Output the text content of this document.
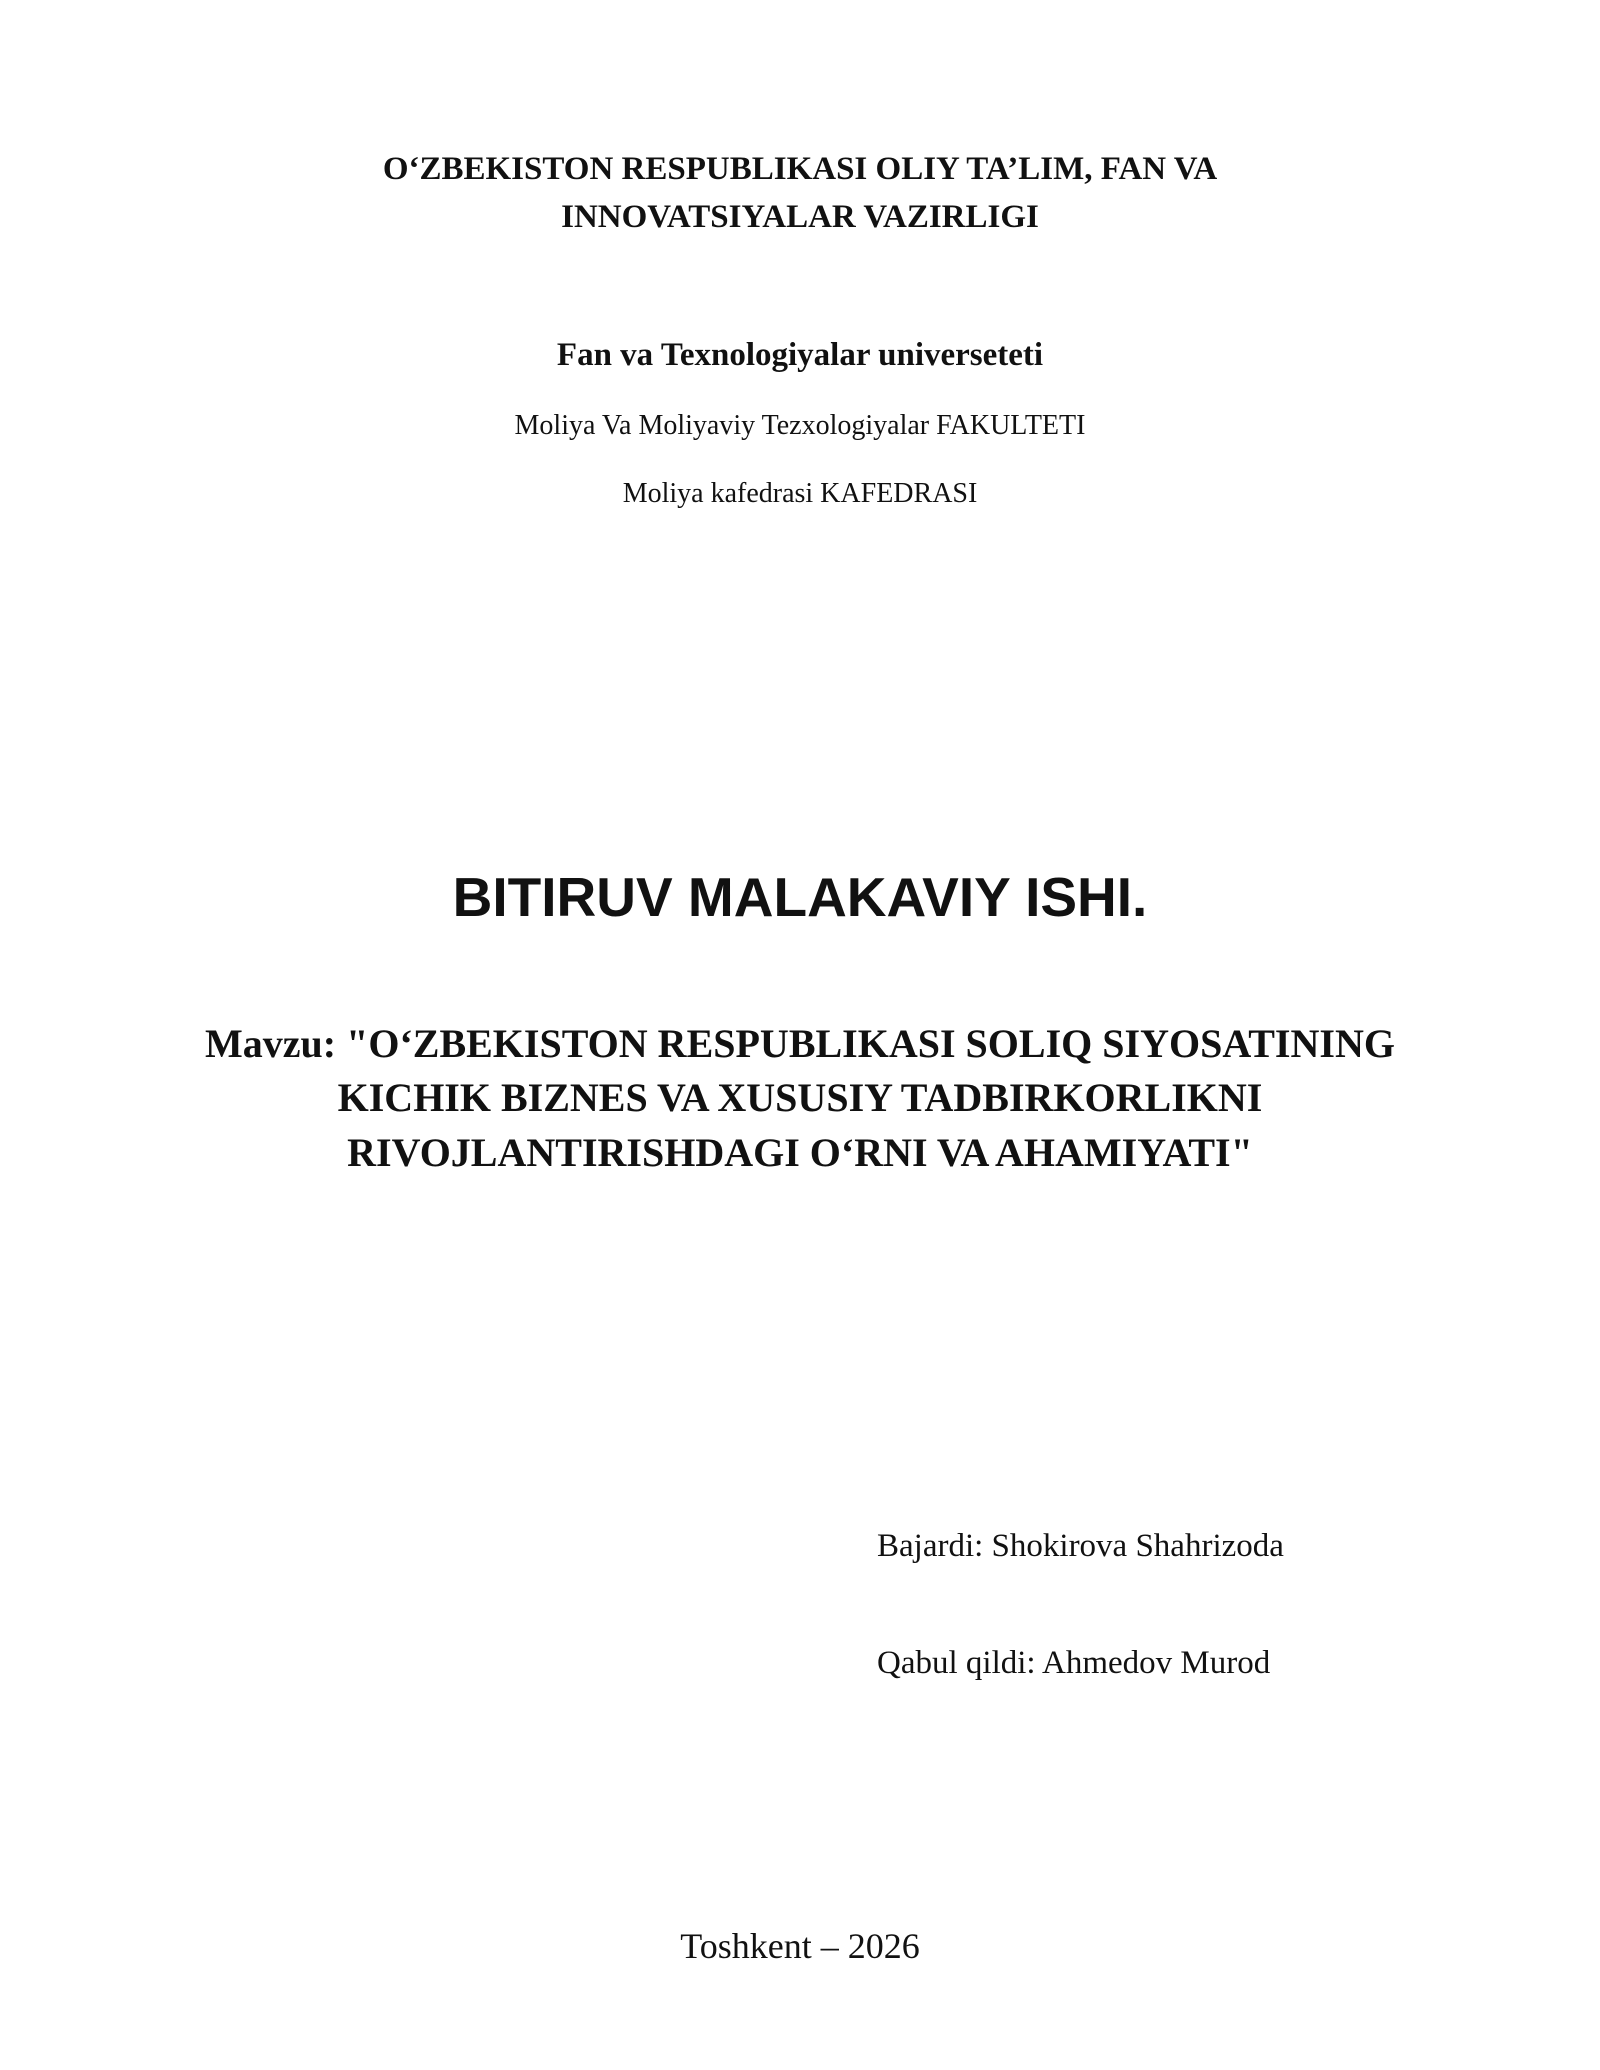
O‘ZBEKISTON RESPUBLIKASI OLIY TA’LIM, FAN VA
INNOVATSIYALAR VAZIRLIGI
Fan va Texnologiyalar universeteti
Moliya Va Moliyaviy Tezxologiyalar FAKULTETI
Moliya kafedrasi KAFEDRASI
BITIRUV MALAKAVIY ISHI.
Mavzu: "O‘ZBEKISTON RESPUBLIKASI SOLIQ SIYOSATINING
KICHIK BIZNES VA XUSUSIY TADBIRKORLIKNI
RIVOJLANTIRISHDAGI O‘RNI VA AHAMIYATI"
Bajardi: Shokirova Shahrizoda
Qabul qildi: Ahmedov Murod
Toshkent – 2026
